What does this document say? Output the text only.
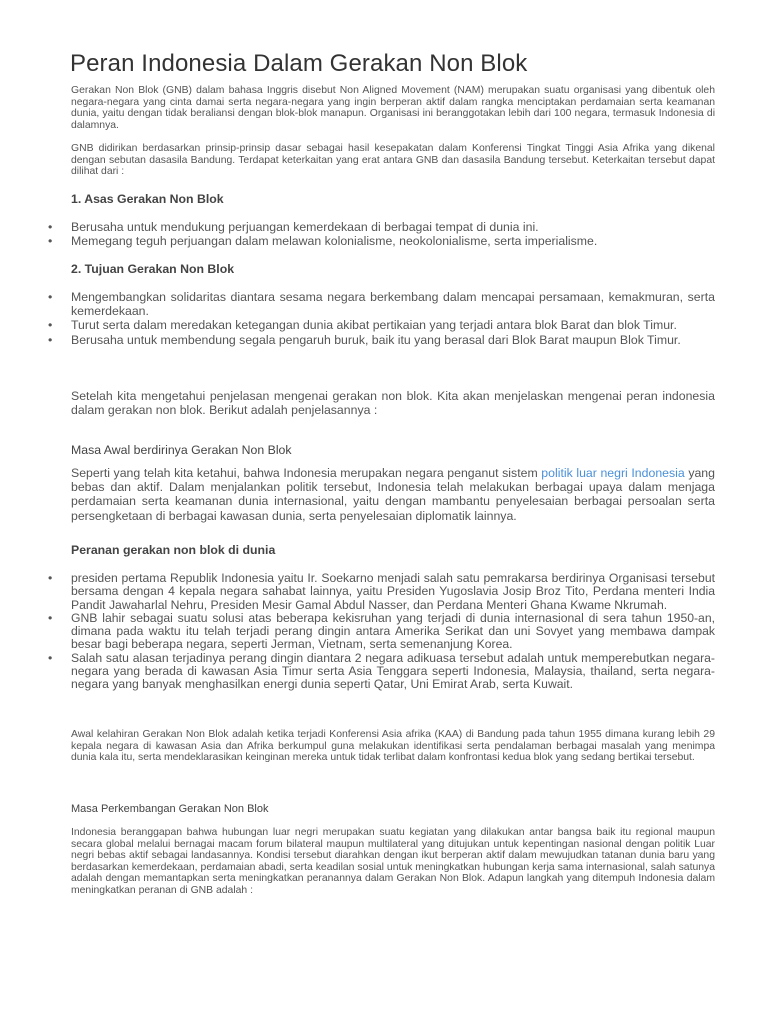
Peran Indonesia Dalam Gerakan Non Blok

Gerakan Non Blok (GNB) dalam bahasa Inggris disebut Non Aligned Movement (NAM) merupakan suatu organisasi yang dibentuk oleh negara-negara yang cinta damai serta negara-negara yang ingin berperan aktif dalam rangka menciptakan perdamaian serta keamanan dunia, yaitu dengan tidak beraliansi dengan blok-blok manapun. Organisasi ini beranggotakan lebih dari 100 negara, termasuk Indonesia di dalamnya.

GNB didirikan berdasarkan prinsip-prinsip dasar sebagai hasil kesepakatan dalam Konferensi Tingkat Tinggi Asia Afrika yang dikenal dengan sebutan dasasila Bandung. Terdapat keterkaitan yang erat antara GNB dan dasasila Bandung tersebut. Keterkaitan tersebut dapat dilihat dari :

1. Asas Gerakan Non Blok
• Berusaha untuk mendukung perjuangan kemerdekaan di berbagai tempat di dunia ini.
• Memegang teguh perjuangan dalam melawan kolonialisme, neokolonialisme, serta imperialisme.
2. Tujuan Gerakan Non Blok
• Mengembangkan solidaritas diantara sesama negara berkembang dalam mencapai persamaan, kemakmuran, serta kemerdekaan.
• Turut serta dalam meredakan ketegangan dunia akibat pertikaian yang terjadi antara blok Barat dan blok Timur.
• Berusaha untuk membendung segala pengaruh buruk, baik itu yang berasal dari Blok Barat maupun Blok Timur.

Setelah kita mengetahui penjelasan mengenai gerakan non blok. Kita akan menjelaskan mengenai peran indonesia dalam gerakan non blok. Berikut adalah penjelasannya :

Masa Awal berdirinya Gerakan Non Blok

Seperti yang telah kita ketahui, bahwa Indonesia merupakan negara penganut sistem politik luar negri Indonesia yang bebas dan aktif. Dalam menjalankan politik tersebut, Indonesia telah melakukan berbagai upaya dalam menjaga perdamaian serta keamanan dunia internasional, yaitu dengan mambantu penyelesaian berbagai persoalan serta persengketaan di berbagai kawasan dunia, serta penyelesaian diplomatik lainnya.

Peranan gerakan non blok di dunia
• presiden pertama Republik Indonesia yaitu Ir. Soekarno menjadi salah satu pemrakarsa berdirinya Organisasi tersebut bersama dengan 4 kepala negara sahabat lainnya, yaitu Presiden Yugoslavia Josip Broz Tito, Perdana menteri India Pandit Jawaharlal Nehru, Presiden Mesir Gamal Abdul Nasser, dan Perdana Menteri Ghana Kwame Nkrumah.
• GNB lahir sebagai suatu solusi atas beberapa kekisruhan yang terjadi di dunia internasional di sera tahun 1950-an, dimana pada waktu itu telah terjadi perang dingin antara Amerika Serikat dan uni Sovyet yang membawa dampak besar bagi beberapa negara, seperti Jerman, Vietnam, serta semenanjung Korea.
• Salah satu alasan terjadinya perang dingin diantara 2 negara adikuasa tersebut adalah untuk memperebutkan negara-negara yang berada di kawasan Asia Timur serta Asia Tenggara seperti Indonesia, Malaysia, thailand, serta negara-negara yang banyak menghasilkan energi dunia seperti Qatar, Uni Emirat Arab, serta Kuwait.

Awal kelahiran Gerakan Non Blok adalah ketika terjadi Konferensi Asia afrika (KAA) di Bandung pada tahun 1955 dimana kurang lebih 29 kepala negara di kawasan Asia dan Afrika berkumpul guna melakukan identifikasi serta pendalaman berbagai masalah yang menimpa dunia kala itu, serta mendeklarasikan keinginan mereka untuk tidak terlibat dalam konfrontasi kedua blok yang sedang bertikai tersebut.

Masa Perkembangan Gerakan Non Blok

Indonesia beranggapan bahwa hubungan luar negri merupakan suatu kegiatan yang dilakukan antar bangsa baik itu regional maupun secara global melalui bernagai macam forum bilateral maupun multilateral yang ditujukan untuk kepentingan nasional dengan politik Luar negri bebas aktif sebagai landasannya. Kondisi tersebut diarahkan dengan ikut berperan aktif dalam mewujudkan tatanan dunia baru yang berdasarkan kemerdekaan, perdamaian abadi, serta keadilan sosial untuk meningkatkan hubungan kerja sama internasional, salah satunya adalah dengan memantapkan serta meningkatkan peranannya dalam Gerakan Non Blok. Adapun langkah yang ditempuh Indonesia dalam meningkatkan peranan di GNB adalah :
